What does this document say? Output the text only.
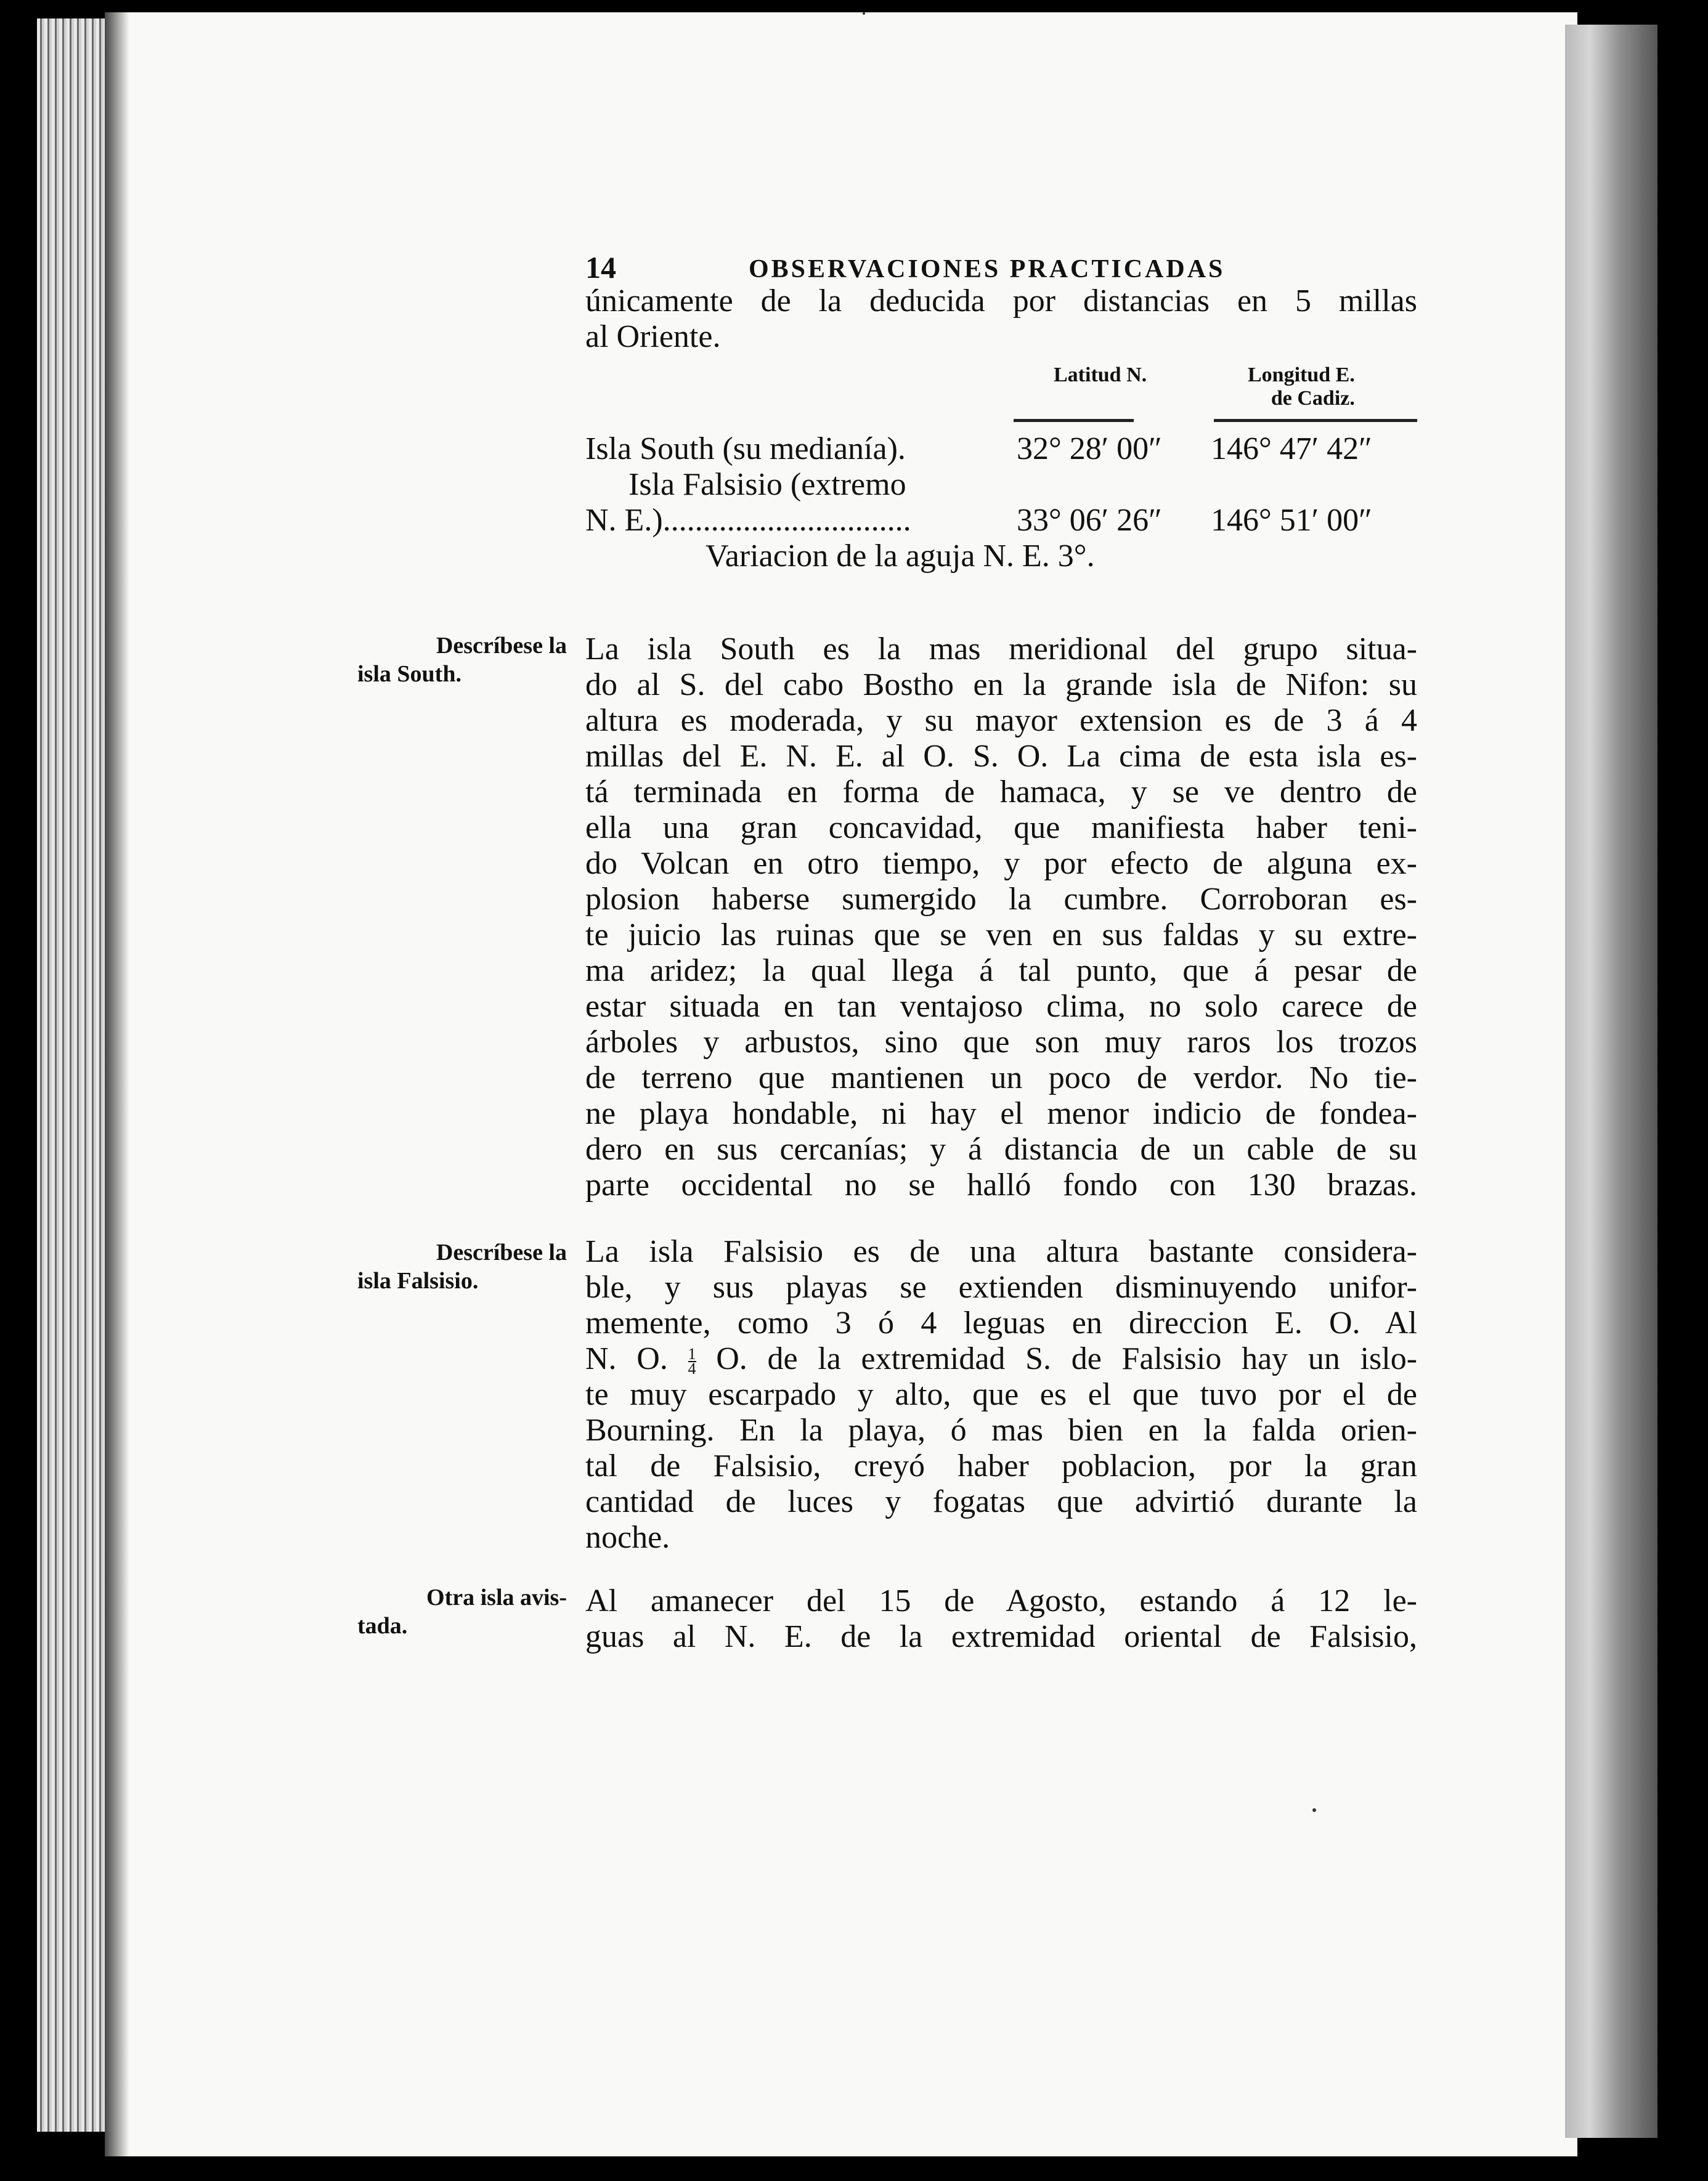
14	OBSERVACIONES PRACTICADAS

únicamente de la deducida por distancias en 5 millas

al Oriente.

Latitud N.	Longitud E.
de Cadiz.
Isla South (su medianía).	32° 28′ 00″ 146° 47′ 42″
Isla Falsisio (extremo
N. E.)...............................	33° 06′ 26″ 146° 51′ 00″
Variacion de la aguja N. E. 3°.
Descríbese la
isla South.
Descríbese la
isla Falsisio.
Otra isla avis-
tada.

La isla South es la mas meridional del grupo situa-

do al S. del cabo Bostho en la grande isla de Nifon: su

altura es moderada, y su mayor extension es de 3 á 4

millas del E. N. E. al O. S. O. La cima de esta isla es-

tá terminada en forma de hamaca, y se ve dentro de

ella una gran concavidad, que manifiesta haber teni-

do Volcan en otro tiempo, y por efecto de alguna ex-

plosion haberse sumergido la cumbre. Corroboran es-

te juicio las ruinas que se ven en sus faldas y su extre-

ma aridez; la qual llega á tal punto, que á pesar de

estar situada en tan ventajoso clima, no solo carece de

árboles y arbustos, sino que son muy raros los trozos

de terreno que mantienen un poco de verdor. No tie-

ne playa hondable, ni hay el menor indicio de fondea-

dero en sus cercanías; y á distancia de un cable de su

parte occidental no se halló fondo con 130 brazas.

La isla Falsisio es de una altura bastante considera-

ble, y sus playas se extienden disminuyendo unifor-

memente, como 3 ó 4 leguas en direccion E. O. Al

N. O. $\frac{1}{4} O$. de la extremidad S. de Falsisio hay un islo-

te muy escarpado y alto, que es el que tuvo por el de

Bourning. En la playa, ó mas bien en la falda orien-

tal de Falsisio, creyó haber poblacion, por la gran

cantidad de luces y fogatas que advirtió durante la

noche.

Al amanecer del 15 de Agosto, estando á 12 le-

guas al N. E. de la extremidad oriental de Falsisio,
